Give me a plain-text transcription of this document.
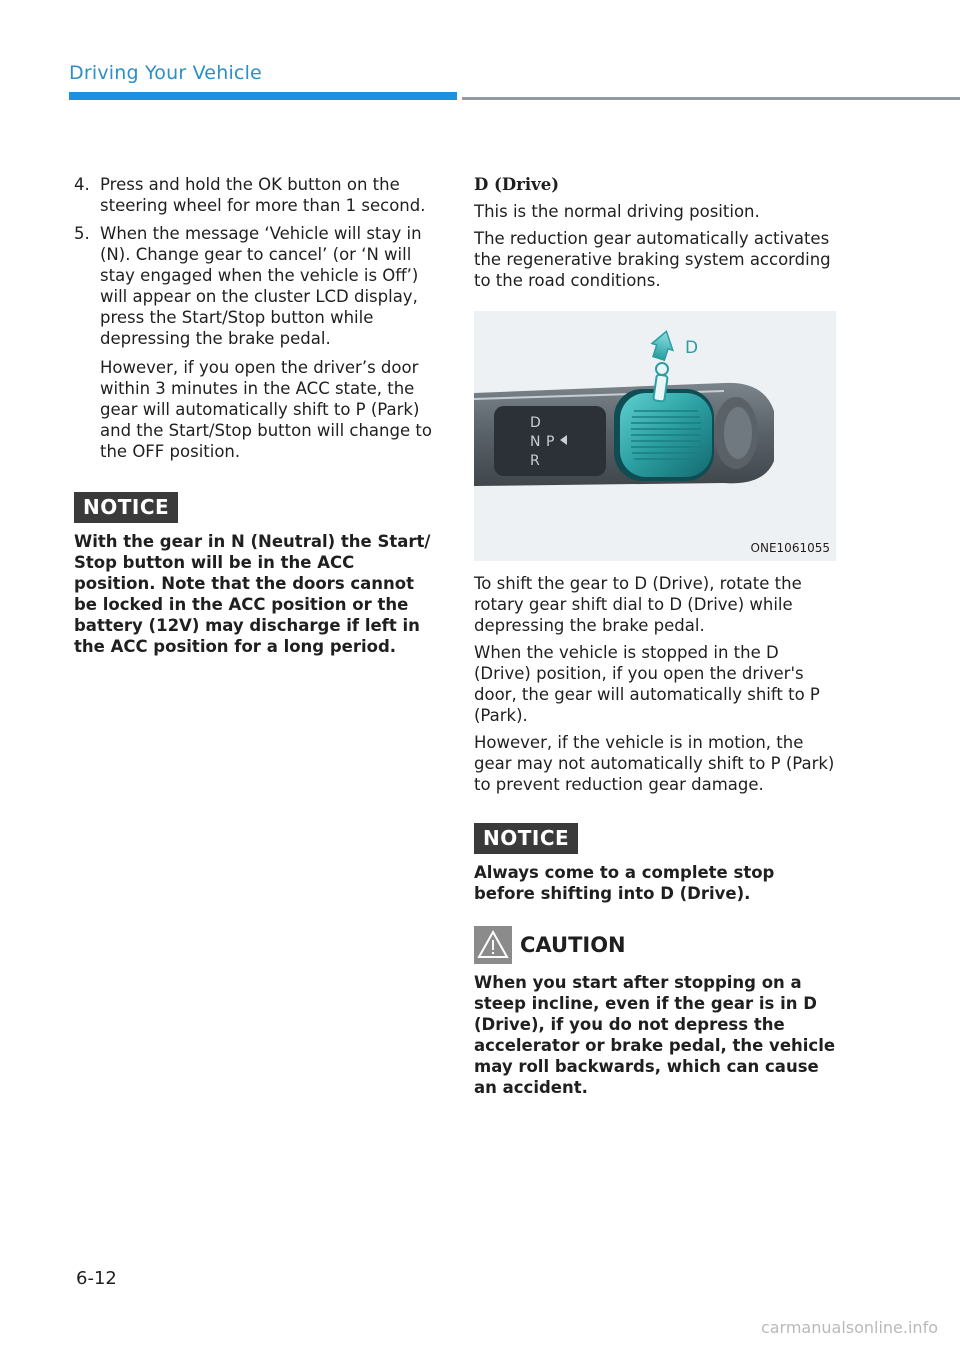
Driving Your Vehicle
4. Press and hold the OK button on the steering wheel for more than 1 second.
5. When the message ‘Vehicle will stay in (N). Change gear to cancel’ (or ‘N will stay engaged when the vehicle is Off’) will appear on the cluster LCD display, press the Start/Stop button while depressing the brake pedal.
However, if you open the driver’s door within 3 minutes in the ACC state, the gear will automatically shift to P (Park) and the Start/Stop button will change to the OFF position.
NOTICE
With the gear in N (Neutral) the Start/ Stop button will be in the ACC position. Note that the doors cannot be locked in the ACC position or the battery (12V) may discharge if left in the ACC position for a long period.
D (Drive)
This is the normal driving position.
The reduction gear automatically activates the regenerative braking system according to the road conditions.
D
N P
R
D
ONE1061055
To shift the gear to D (Drive), rotate the rotary gear shift dial to D (Drive) while depressing the brake pedal.
When the vehicle is stopped in the D (Drive) position, if you open the driver's door, the gear will automatically shift to P (Park).
However, if the vehicle is in motion, the gear may not automatically shift to P (Park) to prevent reduction gear damage.
NOTICE
Always come to a complete stop before shifting into D (Drive).
CAUTION
When you start after stopping on a steep incline, even if the gear is in D (Drive), if you do not depress the accelerator or brake pedal, the vehicle may roll backwards, which can cause an accident.
6-12
carmanualsonline.info
